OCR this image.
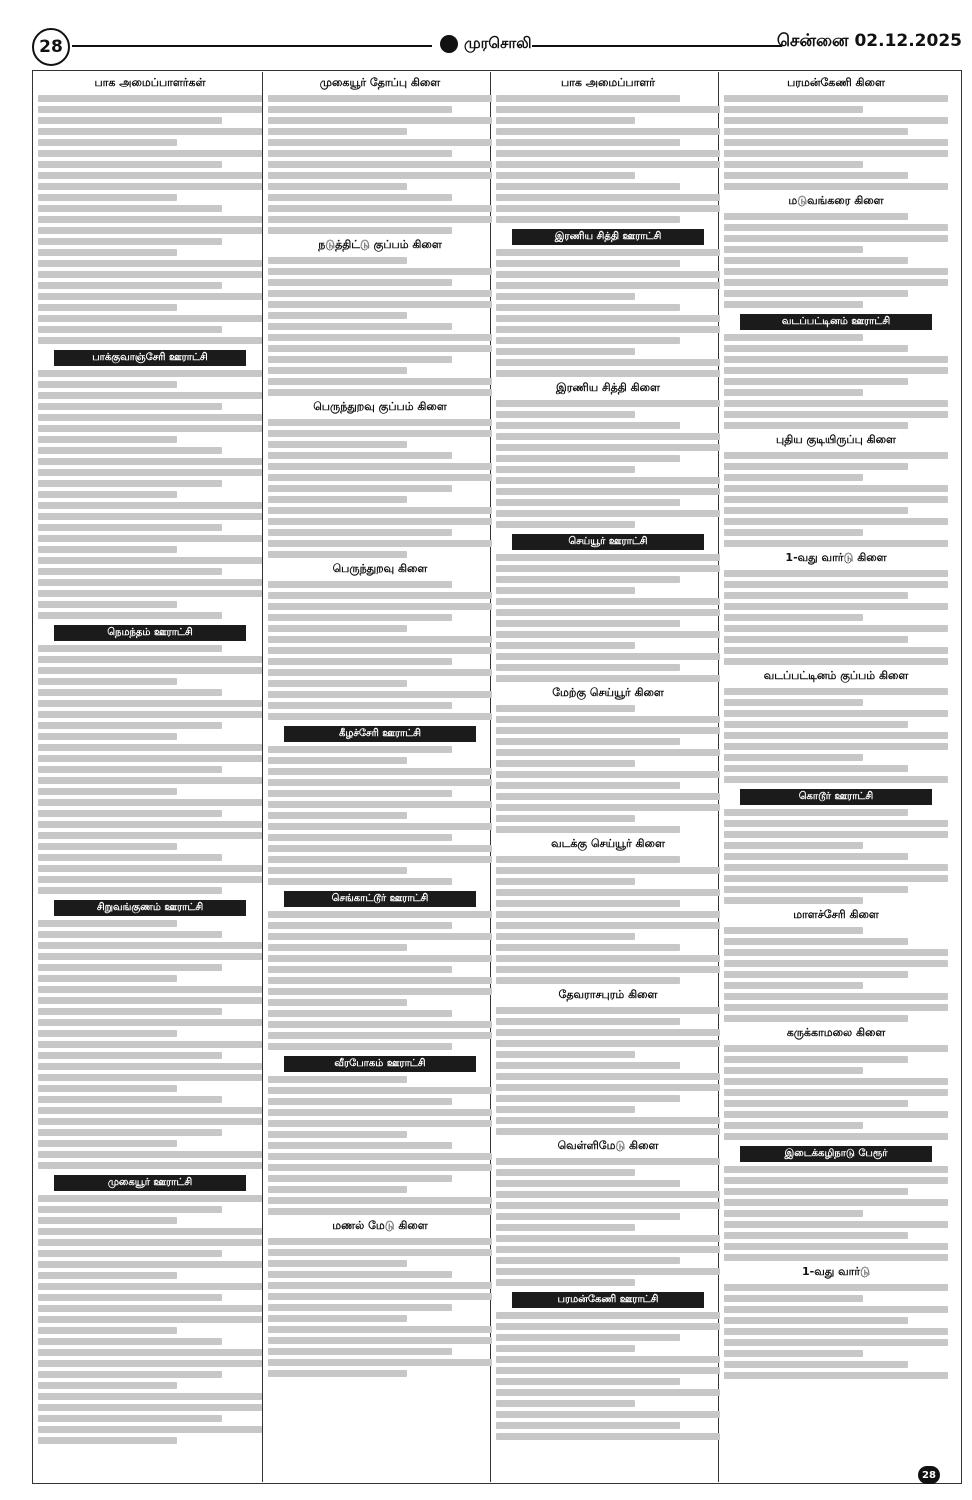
28	முரசொலி	சென்னை 02.12.2025
பாக அமைப்பாளர்கள்
பாக்குவாஞ்சேரி ஊராட்சி
நெமந்தம் ஊராட்சி
சிறுவங்குணம் ஊராட்சி
முகையூர் ஊராட்சி
முகையூர் தோப்பு கிளை
நடுத்திட்டு குப்பம் கிளை
பெருந்துறவு குப்பம் கிளை
பெருந்துறவு கிளை
கீழச்சேரி ஊராட்சி
செங்காட்டூர் ஊராட்சி
வீரபோகம் ஊராட்சி
மணல் மேடு கிளை
பாக அமைப்பாளர்
இரணிய சித்தி ஊராட்சி
இரணிய சித்தி கிளை
செய்யூர் ஊராட்சி
மேற்கு செய்யூர் கிளை
வடக்கு செய்யூர் கிளை
தேவராசபுரம் கிளை
வெள்ளிமேடு கிளை
பரமன்கேணி ஊராட்சி
பரமன்கேணி கிளை
மடுவங்கரை கிளை
வடப்பட்டினம் ஊராட்சி
புதிய குடியிருப்பு கிளை
1-வது வார்டு கிளை
வடப்பட்டினம் குப்பம் கிளை
கொடூர் ஊராட்சி
மாளச்சேரி கிளை
கருக்காமலை கிளை
இடைக்கழிநாடு பேரூர்
1-வது வார்டு
28
